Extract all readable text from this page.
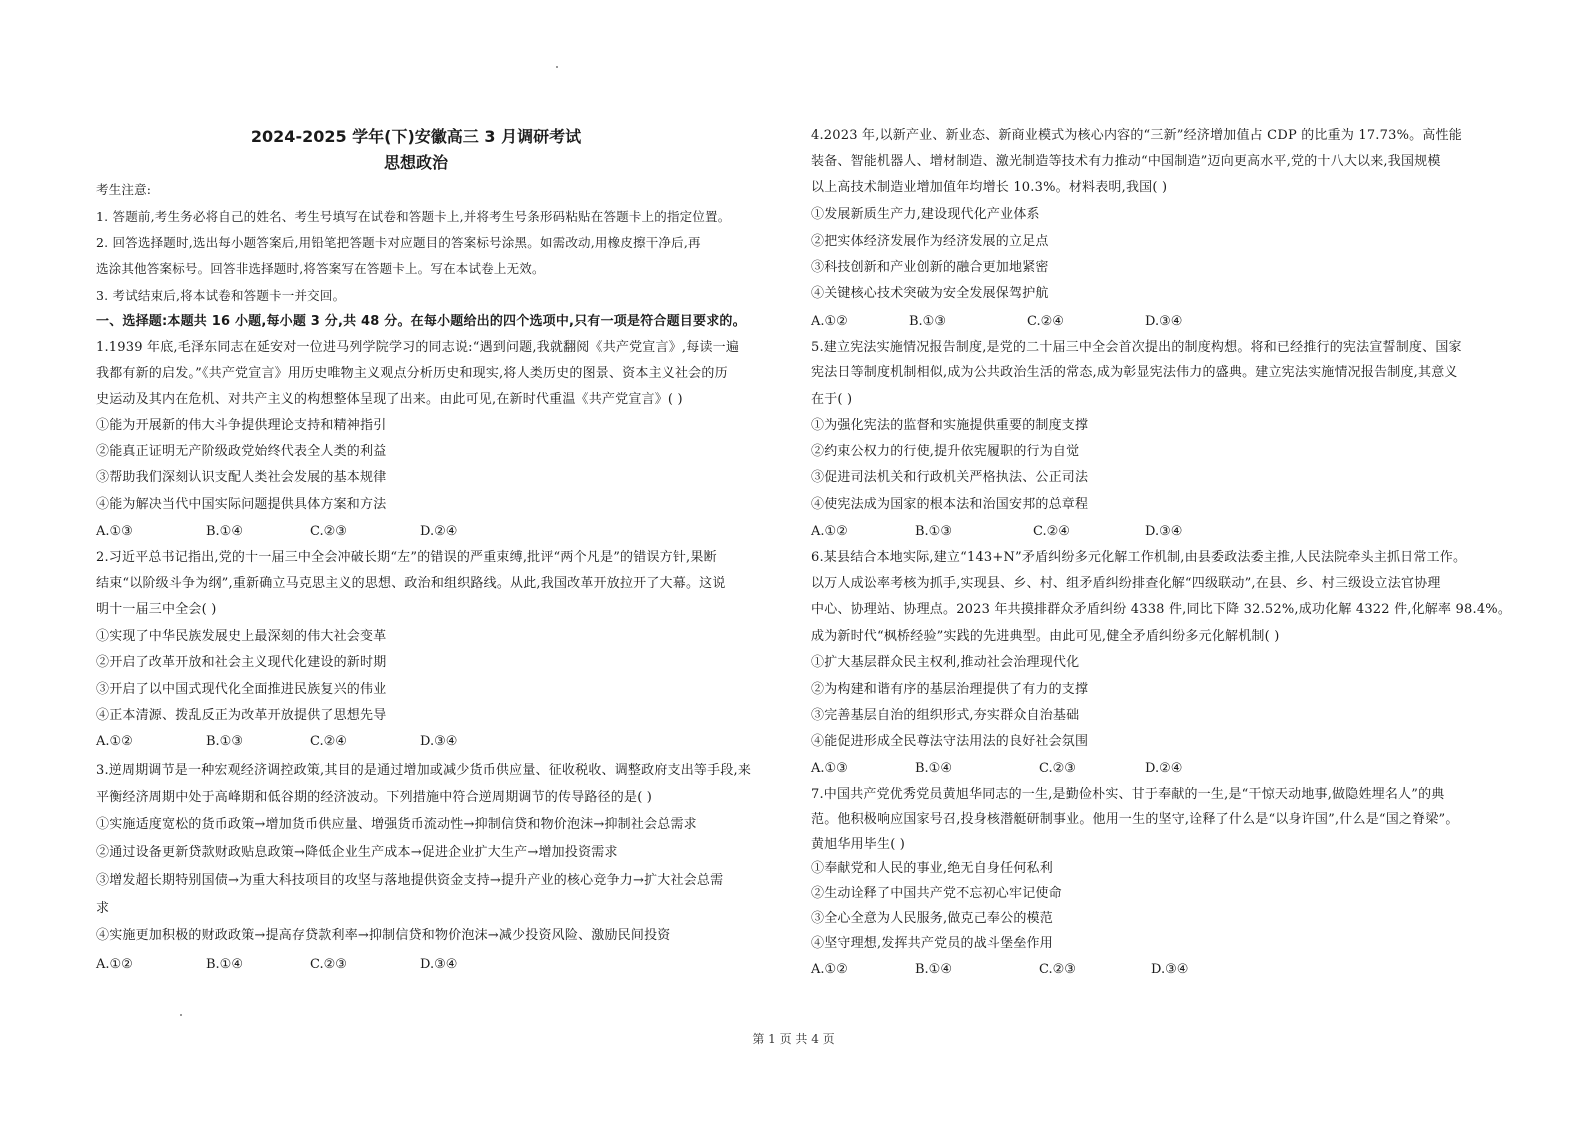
2024-2025 学年(下)安徽高三 3 月调研考试
思想政治
考生注意:
1. 答题前,考生务必将自己的姓名、考生号填写在试卷和答题卡上,并将考生号条形码粘贴在答题卡上的指定位置。
2. 回答选择题时,选出每小题答案后,用铅笔把答题卡对应题目的答案标号涂黑。如需改动,用橡皮擦干净后,再
选涂其他答案标号。回答非选择题时,将答案写在答题卡上。写在本试卷上无效。
3. 考试结束后,将本试卷和答题卡一并交回。
一、选择题:本题共 16 小题,每小题 3 分,共 48 分。在每小题给出的四个选项中,只有一项是符合题目要求的。
1.1939 年底,毛泽东同志在延安对一位进马列学院学习的同志说:“遇到问题,我就翻阅《共产党宣言》,每读一遍
我都有新的启发。”《共产党宣言》用历史唯物主义观点分析历史和现实,将人类历史的图景、资本主义社会的历
史运动及其内在危机、对共产主义的构想整体呈现了出来。由此可见,在新时代重温《共产党宣言》( )
①能为开展新的伟大斗争提供理论支持和精神指引
②能真正证明无产阶级政党始终代表全人类的利益
③帮助我们深刻认识支配人类社会发展的基本规律
④能为解决当代中国实际问题提供具体方案和方法
A.①③	B.①④	C.②③	D.②④
2.习近平总书记指出,党的十一届三中全会冲破长期“左”的错误的严重束缚,批评“两个凡是”的错误方针,果断
结束“以阶级斗争为纲”,重新确立马克思主义的思想、政治和组织路线。从此,我国改革开放拉开了大幕。这说
明十一届三中全会( )
①实现了中华民族发展史上最深刻的伟大社会变革
②开启了改革开放和社会主义现代化建设的新时期
③开启了以中国式现代化全面推进民族复兴的伟业
④正本清源、拨乱反正为改革开放提供了思想先导
A.①②	B.①③	C.②④	D.③④
3.逆周期调节是一种宏观经济调控政策,其目的是通过增加或减少货币供应量、征收税收、调整政府支出等手段,来
平衡经济周期中处于高峰期和低谷期的经济波动。下列措施中符合逆周期调节的传导路径的是( )
①实施适度宽松的货币政策→增加货币供应量、增强货币流动性→抑制信贷和物价泡沫→抑制社会总需求
②通过设备更新贷款财政贴息政策→降低企业生产成本→促进企业扩大生产→增加投资需求
③增发超长期特别国债→为重大科技项目的攻坚与落地提供资金支持→提升产业的核心竞争力→扩大社会总需
求
④实施更加积极的财政政策→提高存贷款利率→抑制信贷和物价泡沫→减少投资风险、激励民间投资
A.①②	B.①④	C.②③	D.③④
4.2023 年,以新产业、新业态、新商业模式为核心内容的“三新”经济增加值占 CDP 的比重为 17.73%。高性能
装备、智能机器人、增材制造、激光制造等技术有力推动“中国制造”迈向更高水平,党的十八大以来,我国规模
以上高技术制造业增加值年均增长 10.3%。材料表明,我国( )
①发展新质生产力,建设现代化产业体系
②把实体经济发展作为经济发展的立足点
③科技创新和产业创新的融合更加地紧密
④关键核心技术突破为安全发展保驾护航
A.①②	B.①③	C.②④	D.③④
5.建立宪法实施情况报告制度,是党的二十届三中全会首次提出的制度构想。将和已经推行的宪法宣誓制度、国家
宪法日等制度机制相似,成为公共政治生活的常态,成为彰显宪法伟力的盛典。建立宪法实施情况报告制度,其意义
在于( )
①为强化宪法的监督和实施提供重要的制度支撑
②约束公权力的行使,提升依宪履职的行为自觉
③促进司法机关和行政机关严格执法、公正司法
④使宪法成为国家的根本法和治国安邦的总章程
A.①②	B.①③	C.②④	D.③④
6.某县结合本地实际,建立“143+N”矛盾纠纷多元化解工作机制,由县委政法委主推,人民法院牵头主抓日常工作。
以万人成讼率考核为抓手,实现县、乡、村、组矛盾纠纷排查化解“四级联动”,在县、乡、村三级设立法官协理
中心、协理站、协理点。2023 年共摸排群众矛盾纠纷 4338 件,同比下降 32.52%,成功化解 4322 件,化解率 98.4%。
成为新时代“枫桥经验”实践的先进典型。由此可见,健全矛盾纠纷多元化解机制( )
①扩大基层群众民主权利,推动社会治理现代化
②为构建和谐有序的基层治理提供了有力的支撑
③完善基层自治的组织形式,夯实群众自治基础
④能促进形成全民尊法守法用法的良好社会氛围
A.①③	B.①④	C.②③	D.②④
7.中国共产党优秀党员黄旭华同志的一生,是勤俭朴实、甘于奉献的一生,是“干惊天动地事,做隐姓埋名人”的典
范。他积极响应国家号召,投身核潜艇研制事业。他用一生的坚守,诠释了什么是“以身许国”,什么是“国之脊梁”。
黄旭华用毕生( )
①奉献党和人民的事业,绝无自身任何私利
②生动诠释了中国共产党不忘初心牢记使命
③全心全意为人民服务,做克己奉公的模范
④坚守理想,发挥共产党员的战斗堡垒作用
A.①②	B.①④	C.②③	D.③④
第 1 页 共 4 页
